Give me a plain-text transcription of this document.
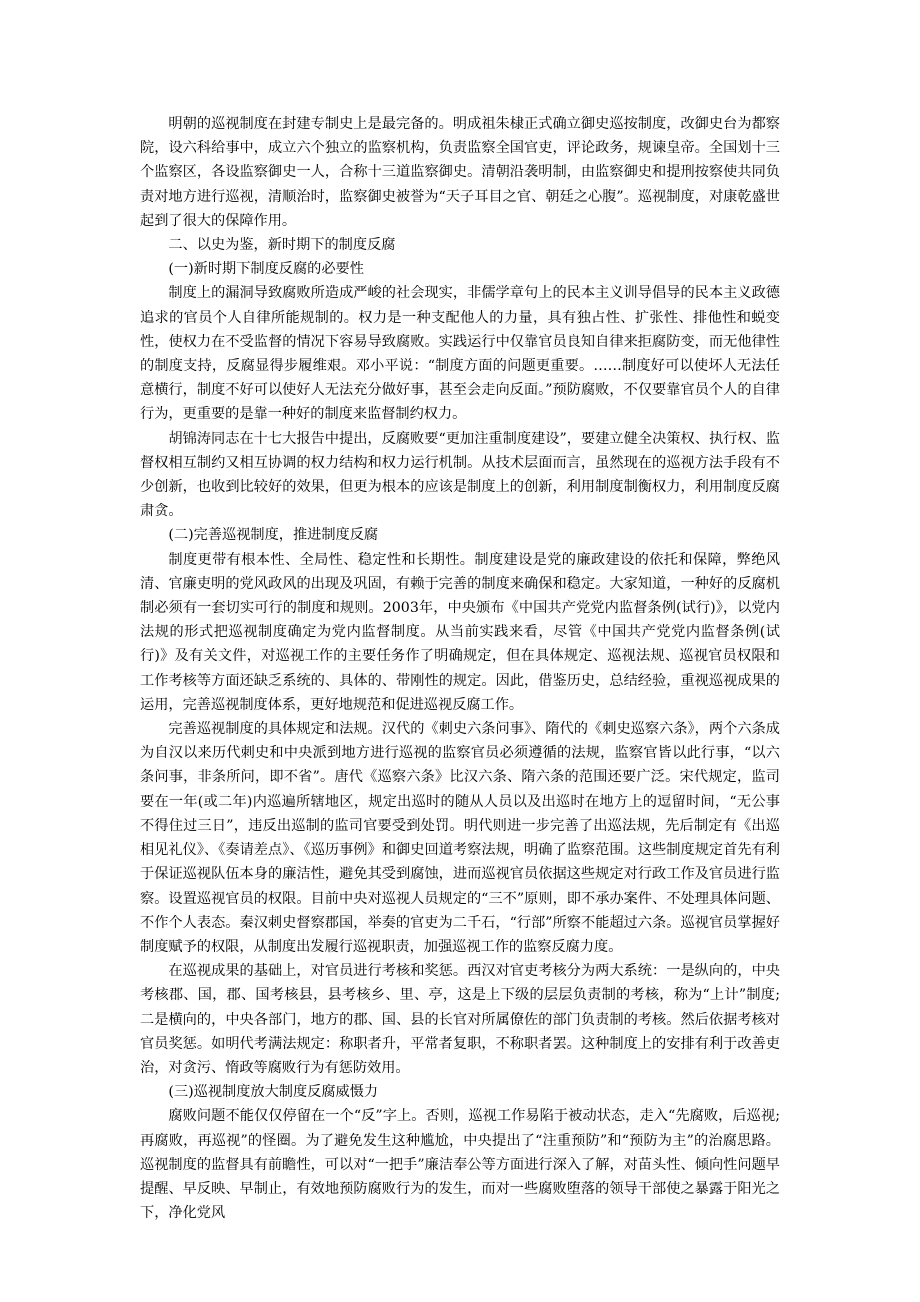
明朝的巡视制度在封建专制史上是最完备的。明成祖朱棣正式确立御史巡按制度，改御史台为都察院，设六科给事中，成立六个独立的监察机构，负责监察全国官吏，评论政务，规谏皇帝。全国划十三个监察区，各设监察御史一人，合称十三道监察御史。清朝沿袭明制，由监察御史和提刑按察使共同负责对地方进行巡视，清顺治时，监察御史被誉为“天子耳目之官、朝廷之心腹”。巡视制度，对康乾盛世起到了很大的保障作用。

二、以史为鉴，新时期下的制度反腐

(一)新时期下制度反腐的必要性

制度上的漏洞导致腐败所造成严峻的社会现实，非儒学章句上的民本主义训导倡导的民本主义政德追求的官员个人自律所能规制的。权力是一种支配他人的力量，具有独占性、扩张性、排他性和蜕变性，使权力在不受监督的情况下容易导致腐败。实践运行中仅靠官员良知自律来拒腐防变，而无他律性的制度支持，反腐显得步履维艰。邓小平说：“制度方面的问题更重要。……制度好可以使坏人无法任意横行，制度不好可以使好人无法充分做好事，甚至会走向反面。”预防腐败，不仅要靠官员个人的自律行为，更重要的是靠一种好的制度来监督制约权力。

胡锦涛同志在十七大报告中提出，反腐败要“更加注重制度建设”，要建立健全决策权、执行权、监督权相互制约又相互协调的权力结构和权力运行机制。从技术层面而言，虽然现在的巡视方法手段有不少创新，也收到比较好的效果，但更为根本的应该是制度上的创新，利用制度制衡权力，利用制度反腐肃贪。

(二)完善巡视制度，推进制度反腐

制度更带有根本性、全局性、稳定性和长期性。制度建设是党的廉政建设的依托和保障，弊绝风清、官廉吏明的党风政风的出现及巩固，有赖于完善的制度来确保和稳定。大家知道，一种好的反腐机制必须有一套切实可行的制度和规则。2003年，中央颁布《中国共产党党内监督条例(试行)》，以党内法规的形式把巡视制度确定为党内监督制度。从当前实践来看，尽管《中国共产党党内监督条例(试行)》及有关文件，对巡视工作的主要任务作了明确规定，但在具体规定、巡视法规、巡视官员权限和工作考核等方面还缺乏系统的、具体的、带刚性的规定。因此，借鉴历史，总结经验，重视巡视成果的运用，完善巡视制度体系，更好地规范和促进巡视反腐工作。

完善巡视制度的具体规定和法规。汉代的《刺史六条问事》、隋代的《刺史巡察六条》，两个六条成为自汉以来历代刺史和中央派到地方进行巡视的监察官员必须遵循的法规，监察官皆以此行事，“以六条问事，非条所问，即不省”。唐代《巡察六条》比汉六条、隋六条的范围还要广泛。宋代规定，监司要在一年(或二年)内巡遍所辖地区，规定出巡时的随从人员以及出巡时在地方上的逗留时间，“无公事不得住过三日”，违反出巡制的监司官要受到处罚。明代则进一步完善了出巡法规，先后制定有《出巡相见礼仪》、《奏请差点》、《巡历事例》和御史回道考察法规，明确了监察范围。这些制度规定首先有利于保证巡视队伍本身的廉洁性，避免其受到腐蚀，进而巡视官员依据这些规定对行政工作及官员进行监察。设置巡视官员的权限。目前中央对巡视人员规定的“三不”原则，即不承办案件、不处理具体问题、不作个人表态。秦汉刺史督察郡国，举奏的官吏为二千石，“行部”所察不能超过六条。巡视官员掌握好制度赋予的权限，从制度出发履行巡视职责，加强巡视工作的监察反腐力度。

在巡视成果的基础上，对官员进行考核和奖惩。西汉对官吏考核分为两大系统：一是纵向的，中央考核郡、国，郡、国考核县，县考核乡、里、亭，这是上下级的层层负责制的考核，称为“上计”制度;二是横向的，中央各部门，地方的郡、国、县的长官对所属僚佐的部门负责制的考核。然后依据考核对官员奖惩。如明代考满法规定：称职者升，平常者复职，不称职者罢。这种制度上的安排有利于改善吏治，对贪污、惰政等腐败行为有惩防效用。

(三)巡视制度放大制度反腐威慑力

腐败问题不能仅仅停留在一个“反”字上。否则，巡视工作易陷于被动状态，走入“先腐败，后巡视;再腐败，再巡视”的怪圈。为了避免发生这种尴尬，中央提出了“注重预防”和“预防为主”的治腐思路。巡视制度的监督具有前瞻性，可以对“一把手”廉洁奉公等方面进行深入了解，对苗头性、倾向性问题早提醒、早反映、早制止，有效地预防腐败行为的发生，而对一些腐败堕落的领导干部使之暴露于阳光之下，净化党风
